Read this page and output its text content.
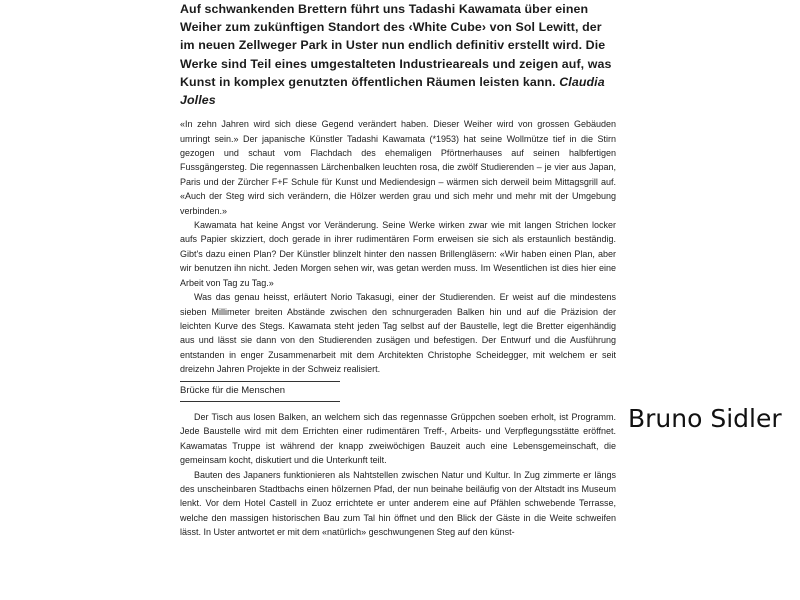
Auf schwankenden Brettern führt uns Tadashi Kawamata über einen Weiher zum zukünftigen Standort des ‹White Cube› von Sol Lewitt, der im neuen Zellweger Park in Uster nun endlich definitiv erstellt wird. Die Werke sind Teil eines umgestalteten Industrieareals und zeigen auf, was Kunst in komplex genutzten öffentlichen Räumen leisten kann. Claudia Jolles

«In zehn Jahren wird sich diese Gegend verändert haben. Dieser Weiher wird von grossen Gebäuden umringt sein.» Der japanische Künstler Tadashi Kawamata (*1953) hat seine Wollmütze tief in die Stirn gezogen und schaut vom Flachdach des ehemaligen Pförtnerhauses auf seinen halbfertigen Fussgängersteg. Die regennassen Lärchenbalken leuchten rosa, die zwölf Studierenden – je vier aus Japan, Paris und der Zürcher F+F Schule für Kunst und Mediendesign – wärmen sich derweil beim Mittagsgrill auf. «Auch der Steg wird sich verändern, die Hölzer werden grau und sich mehr und mehr mit der Umgebung verbinden.»

Kawamata hat keine Angst vor Veränderung. Seine Werke wirken zwar wie mit langen Strichen locker aufs Papier skizziert, doch gerade in ihrer rudimentären Form erweisen sie sich als erstaunlich beständig. Gibt's dazu einen Plan? Der Künstler blinzelt hinter den nassen Brillengläsern: «Wir haben einen Plan, aber wir benutzen ihn nicht. Jeden Morgen sehen wir, was getan werden muss. Im Wesentlichen ist dies hier eine Arbeit von Tag zu Tag.»

Was das genau heisst, erläutert Norio Takasugi, einer der Studierenden. Er weist auf die mindestens sieben Millimeter breiten Abstände zwischen den schnurgeraden Balken hin und auf die Präzision der leichten Kurve des Stegs. Kawamata steht jeden Tag selbst auf der Baustelle, legt die Bretter eigenhändig aus und lässt sie dann von den Studierenden zusägen und befestigen. Der Entwurf und die Ausführung entstanden in enger Zusammenarbeit mit dem Architekten Christophe Scheidegger, mit welchem er seit dreizehn Jahren Projekte in der Schweiz realisiert.

Brücke für die Menschen

Der Tisch aus losen Balken, an welchem sich das regennasse Grüppchen soeben erholt, ist Programm. Jede Baustelle wird mit dem Errichten einer rudimentären Treff-, Arbeits- und Verpflegungsstätte eröffnet. Kawamatas Truppe ist während der knapp zweiwöchigen Bauzeit auch eine Lebensgemeinschaft, die gemeinsam kocht, diskutiert und die Unterkunft teilt.

Bauten des Japaners funktionieren als Nahtstellen zwischen Natur und Kultur. In Zug zimmerte er längs des unscheinbaren Stadtbachs einen hölzernen Pfad, der nun beinahe beiläufig von der Altstadt ins Museum lenkt. Vor dem Hotel Castell in Zuoz errichtete er unter anderem eine auf Pfählen schwebende Terrasse, welche den massigen historischen Bau zum Tal hin öffnet und den Blick der Gäste in die Weite schweifen lässt. In Uster antwortet er mit dem «natürlich» geschwungenen Steg auf den künst-

Bruno Sidler
